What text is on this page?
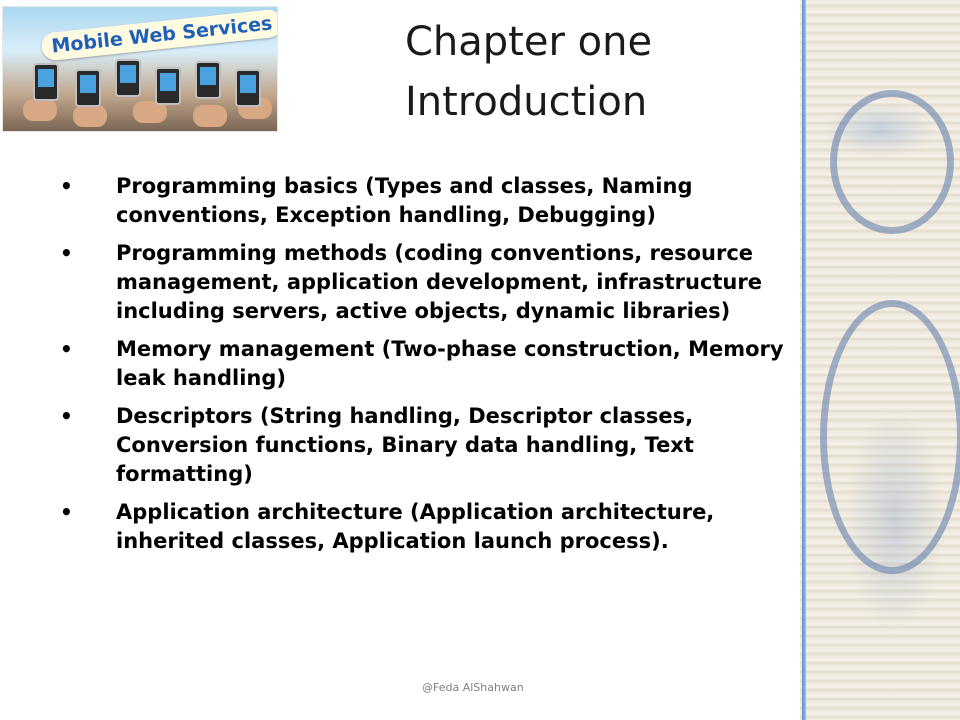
Mobile Web Services	Chapter one
Introduction
• Programming basics (Types and classes, Naming conventions, Exception handling, Debugging)
• Programming methods (coding conventions, resource management, application development, infrastructure including servers, active objects, dynamic libraries)
• Memory management (Two-phase construction, Memory leak handling)
• Descriptors (String handling, Descriptor classes, Conversion functions, Binary data handling, Text formatting)
• Application architecture (Application architecture, inherited classes, Application launch process).
@Feda AlShahwan
